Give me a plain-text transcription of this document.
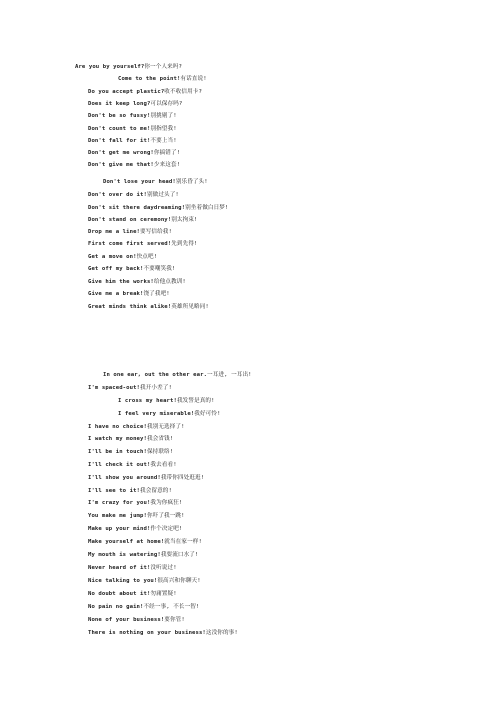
Are you by yourself?你一个人来吗?
Come to the point!有话直说!
Do you accept plastic?收不收信用卡?
Does it keep long?可以保存吗?
Don't be so fussy!别挑剔了!
Don't count to me!别指望我!
Don't fall for it!不要上当!
Don't get me wrong!你搞错了!
Don't give me that!少来这套!
Don't lose your head!别乐昏了头!
Don't over do it!别做过头了!
Don't sit there daydreaming!别坐着做白日梦!
Don't stand on ceremony!别太拘束!
Drop me a line!要写信给我!
First come first served!先到先得!
Get a move on!快点吧!
Get off my back!不要嘲笑我!
Give him the works!给他点教训!
Give me a break!饶了我吧!
Great minds think alike!英雄所见略同!
In one ear, out the other ear.一耳进, 一耳出!
I'm spaced-out!我开小差了!
I cross my heart!我发誓是真的!
I feel very miserable!我好可怜!
I have no choice!我别无选择了!
I watch my money!我会省钱!
I'll be in touch!保持联络!
I'll check it out!我去看看!
I'll show you around!我带你四处逛逛!
I'll see to it!我会留意的!
I'm crazy for you!我为你疯狂!
You make me jump!你吓了我一跳!
Make up your mind!作个决定吧!
Make yourself at home!就当在家一样!
My mouth is watering!我要流口水了!
Never heard of it!没听说过!
Nice talking to you!很高兴和你聊天!
No doubt about it!勿庸置疑!
No pain no gain!不经一事, 不长一智!
None of your business!要你管!
There is nothing on your business!这没你的事!
